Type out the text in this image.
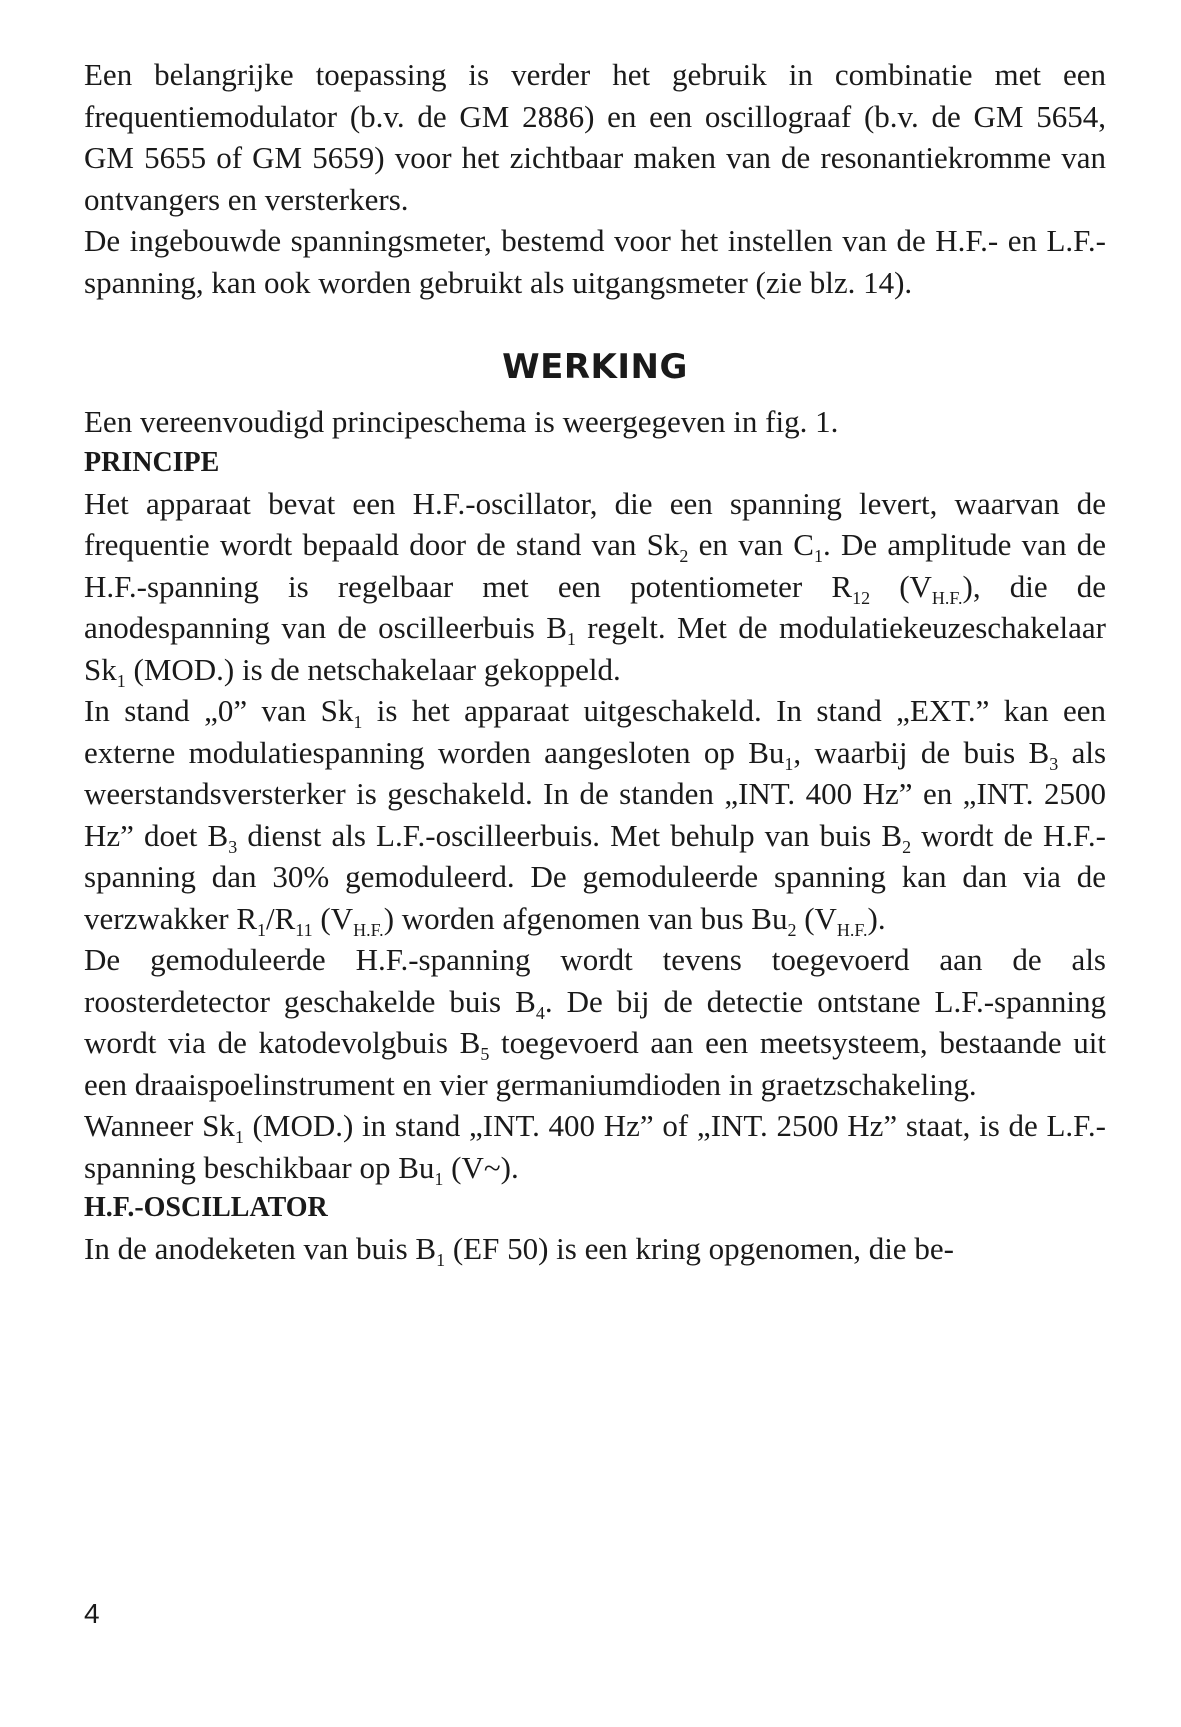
Een belangrijke toepassing is verder het gebruik in combinatie met een frequentiemodulator (b.v. de GM 2886) en een oscillograaf (b.v. de GM 5654, GM 5655 of GM 5659) voor het zichtbaar maken van de resonantiekromme van ontvangers en versterkers.

De ingebouwde spanningsmeter, bestemd voor het instellen van de H.F.- en L.F.-spanning, kan ook worden gebruikt als uitgangsmeter (zie blz. 14).

WERKING

Een vereenvoudigd principeschema is weergegeven in fig. 1.

PRINCIPE

Het apparaat bevat een H.F.-oscillator, die een spanning levert, waarvan de frequentie wordt bepaald door de stand van $Sk_2$ en van $C_1$. De amplitude van de H.F.-spanning is regelbaar met een potentiometer $R_{12}$ $(V_{H.F.})$, die de anodespanning van de oscilleerbuis $B_1$ regelt. Met de modulatiekeuzeschakelaar $Sk_1$ (MOD.) is de netschakelaar gekoppeld.

In stand „0” van $Sk_1$ is het apparaat uitgeschakeld. In stand „EXT.” kan een externe modulatiespanning worden aangesloten op $Bu_1$, waarbij de buis $B_3$ als weerstandsversterker is geschakeld. In de standen „INT. 400 Hz” en „INT. 2500 Hz” doet $B_3$ dienst als L.F.-oscilleerbuis. Met behulp van buis $B_2$ wordt de H.F.-spanning dan 30% gemoduleerd. De gemoduleerde spanning kan dan via de verzwakker $R_1/R_{11}$ $(V_{H.F.})$ worden afgenomen van bus $Bu_2$ $(V_{H.F.})$.

De gemoduleerde H.F.-spanning wordt tevens toegevoerd aan de als roosterdetector geschakelde buis $B_4$. De bij de detectie ontstane L.F.-spanning wordt via de katodevolgbuis $B_5$ toegevoerd aan een meetsysteem, bestaande uit een draaispoelinstrument en vier germaniumdioden in graetzschakeling.

Wanneer $Sk_1$ (MOD.) in stand „INT. 400 Hz” of „INT. 2500 Hz” staat, is de L.F.-spanning beschikbaar op $Bu_1$ (V~).

H.F.-OSCILLATOR

In de anodeketen van buis $B_1$ (EF 50) is een kring opgenomen, die be-

4
